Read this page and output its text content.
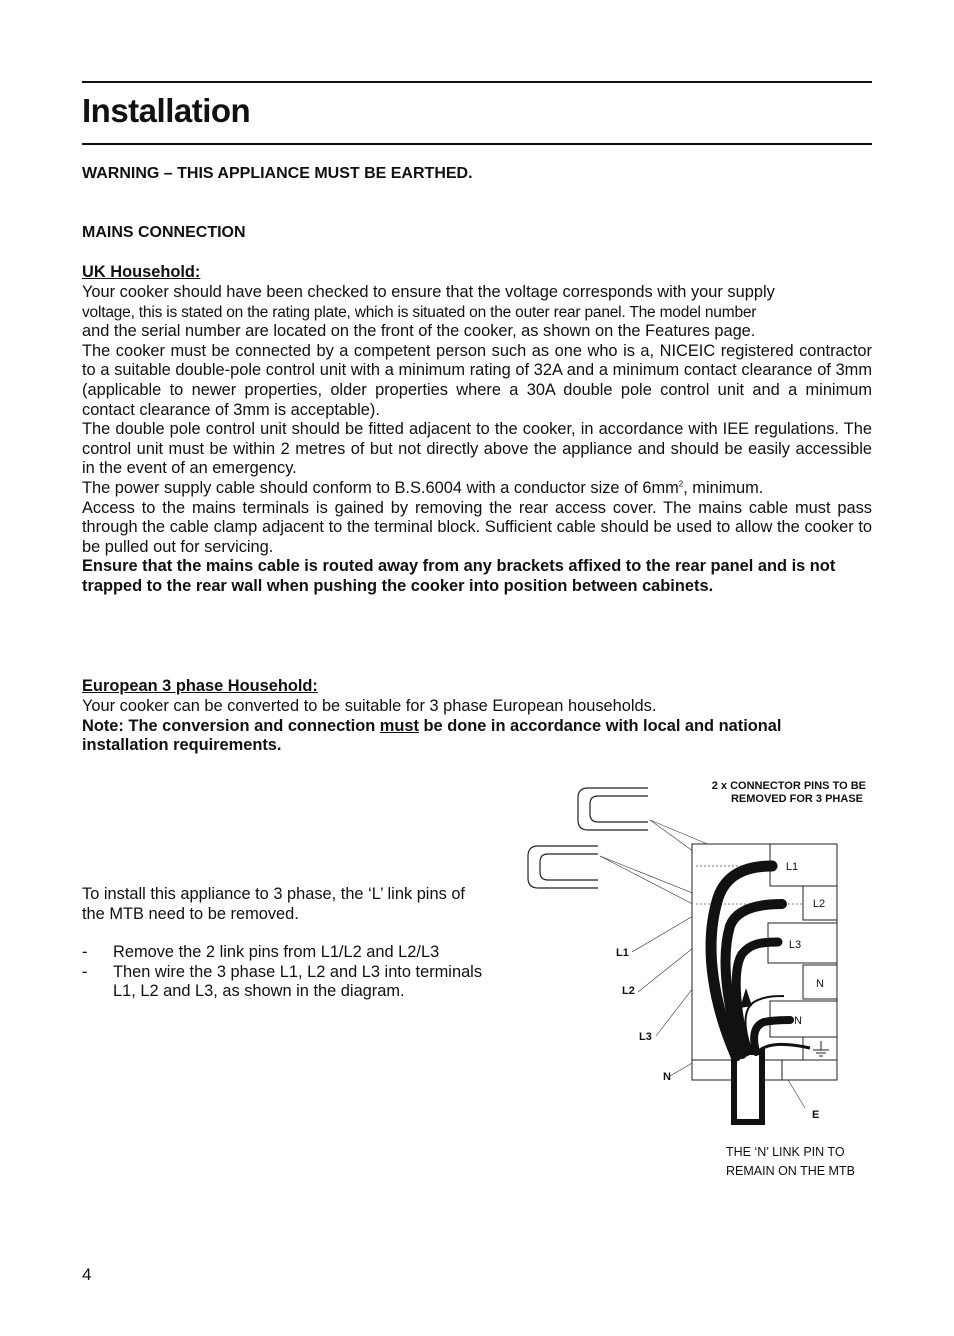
Installation

WARNING – THIS APPLIANCE MUST BE EARTHED.

MAINS CONNECTION

UK Household:

Your cooker should have been checked to ensure that the voltage corresponds with your supply
voltage, this is stated on the rating plate, which is situated on the outer rear panel. The model number
and the serial number are located on the front of the cooker, as shown on the Features page.
The cooker must be connected by a competent person such as one who is a, NICEIC registered contractor to a suitable double-pole control unit with a minimum rating of 32A and a minimum contact clearance of 3mm (applicable to newer properties, older properties where a 30A double pole control unit and a minimum contact clearance of 3mm is acceptable).
The double pole control unit should be fitted adjacent to the cooker, in accordance with IEE regulations. The control unit must be within 2 metres of but not directly above the appliance and should be easily accessible in the event of an emergency.
The power supply cable should conform to B.S.6004 with a conductor size of $6mm^2$, minimum.
Access to the mains terminals is gained by removing the rear access cover. The mains cable must pass through the cable clamp adjacent to the terminal block. Sufficient cable should be used to allow the cooker to be pulled out for servicing.
Ensure that the mains cable is routed away from any brackets affixed to the rear panel and is not trapped to the rear wall when pushing the cooker into position between cabinets.

European 3 phase Household:

Your cooker can be converted to be suitable for 3 phase European households.
Note: The conversion and connection must be done in accordance with local and national installation requirements.

To install this appliance to 3 phase, the ‘L’ link pins of the MTB need to be removed.

- Remove the 2 link pins from L1/L2 and L2/L3
- Then wire the 3 phase L1, L2 and L3 into terminals L1, L2 and L3, as shown in the diagram.
2 x CONNECTOR PINS TO BE
REMOVED FOR 3 PHASE
L1
L2
L3
N
N
L1
L2
L3
N
E
THE ‘N’ LINK PIN TO
REMAIN ON THE MTB

4
